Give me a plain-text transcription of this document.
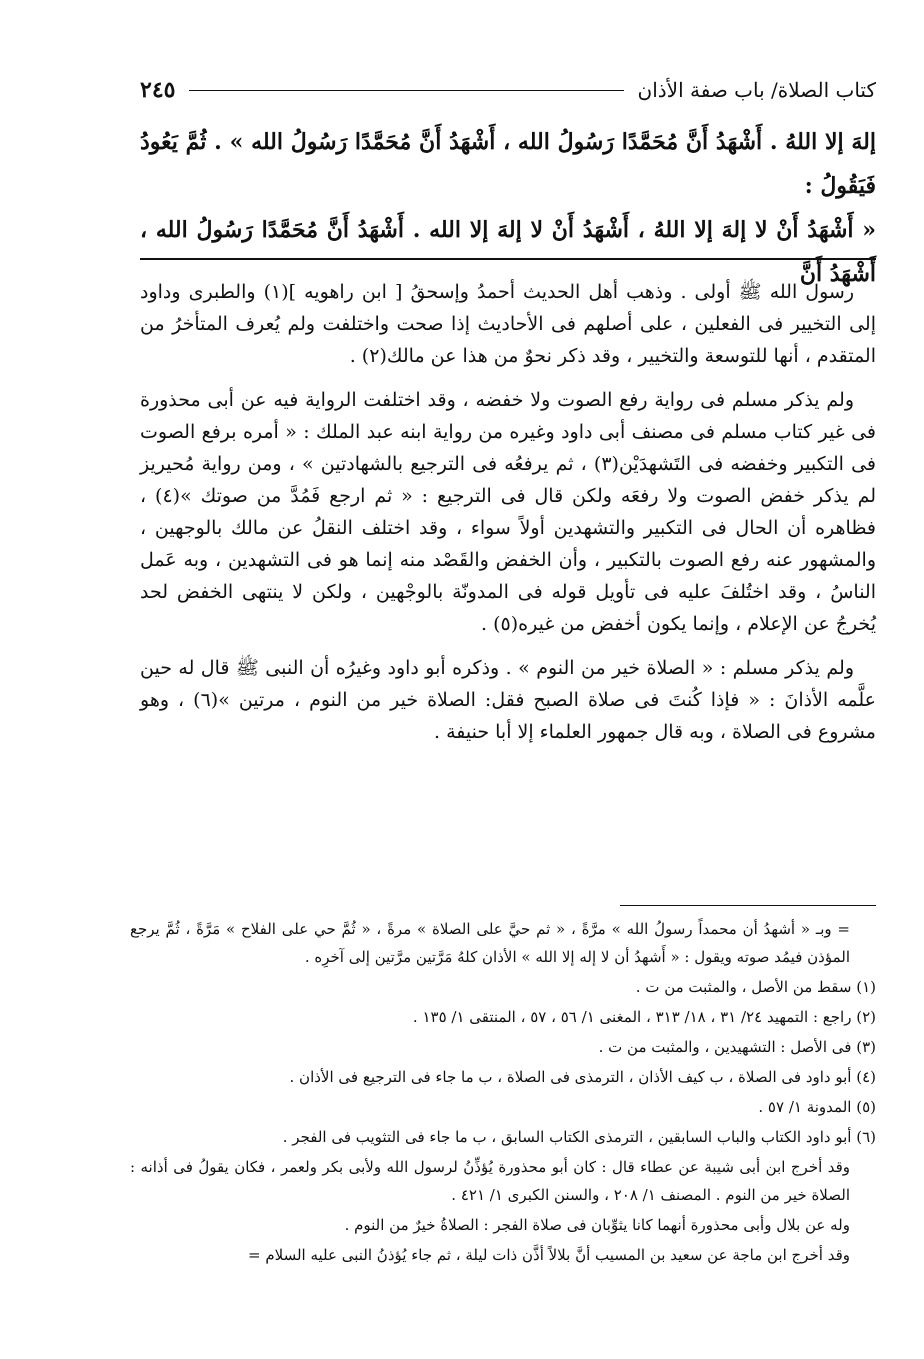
كتاب الصلاة/ باب صفة الأذان
٢٤٥

إلهَ إلا اللهُ . أَشْهَدُ أَنَّ مُحَمَّدًا رَسُولُ الله ، أَشْهَدُ أَنَّ مُحَمَّدًا رَسُولُ الله » . ثُمَّ يَعُودُ فَيَقُولُ :

« أَشْهَدُ أَنْ لا إلهَ إلا اللهُ ، أَشْهَدُ أَنْ لا إلهَ إلا الله . أَشْهَدُ أَنَّ مُحَمَّدًا رَسُولُ الله ، أَشْهَدُ أَنَّ

رسول الله ﷺ أولى . وذهب أهل الحديث أحمدُ وإسحقُ [ ابن راهويه ](١) والطبرى وداود إلى التخيير فى الفعلين ، على أصلهم فى الأحاديث إذا صحت واختلفت ولم يُعرف المتأخرُ من المتقدم ، أنها للتوسعة والتخيير ، وقد ذكر نحوٌ من هذا عن مالك(٢) .

ولم يذكر مسلم فى رواية رفع الصوت ولا خفضه ، وقد اختلفت الرواية فيه عن أبى محذورة فى غير كتاب مسلم فى مصنف أبى داود وغيره من رواية ابنه عبد الملك : « أمره برفع الصوت فى التكبير وخفضه فى التَشهدَيْن(٣) ، ثم يرفعُه فى الترجيع بالشهادتين » ، ومن رواية مُحيريز لم يذكر خفض الصوت ولا رفعَه ولكن قال فى الترجيع : « ثم ارجع فَمُدَّ من صوتك »(٤) ، فظاهره أن الحال فى التكبير والتشهدين أولاً سواء ، وقد اختلف النقلُ عن مالك بالوجهين ، والمشهور عنه رفع الصوت بالتكبير ، وأن الخفض والقَصْد منه إنما هو فى التشهدين ، وبه عَمل الناسُ ، وقد اختُلفَ عليه فى تأويل قوله فى المدونّة بالوجْهين ، ولكن لا ينتهى الخفض لحد يُخرجُ عن الإعلام ، وإنما يكون أخفض من غيره(٥) .

ولم يذكر مسلم : « الصلاة خير من النوم » . وذكره أبو داود وغيرُه أن النبى ﷺ قال له حين علَّمه الأذانَ : « فإذا كُنتَ فى صلاة الصبح فقل: الصلاة خير من النوم ، مرتين »(٦) ، وهو مشروع فى الصلاة ، وبه قال جمهور العلماء إلا أبا حنيفة .

= وبـ « أشهدُ أن محمداً رسولُ الله » مرَّةً ، « ثم حيَّ على الصلاة » مرةً ، « ثُمَّ حي على الفلاح » مَرَّةً ، ثُمَّ يرجع المؤذن فيمُد صوته ويقول : « أَشهدُ أن لا إله إلا الله » الأذان كلهُ مَرَّتين مرَّتين إلى آخرِه .

(١) سقط من الأصل ، والمثبت من ت .

(٢) راجع : التمهيد ٢٤/ ٣١ ، ١٨/ ٣١٣ ، المغنى ١/ ٥٦ ، ٥٧ ، المنتقى ١/ ١٣٥ .

(٣) فى الأصل : التشهيدين ، والمثبت من ت .

(٤) أبو داود فى الصلاة ، ب كيف الأذان ، الترمذى فى الصلاة ، ب ما جاء فى الترجيع فى الأذان .

(٥) المدونة ١/ ٥٧ .

(٦) أبو داود الكتاب والباب السابقين ، الترمذى الكتاب السابق ، ب ما جاء فى التثويب فى الفجر .

وقد أخرج ابن أبى شيبة عن عطاء قال : كان أبو محذورة يُؤذِّنُ لرسول الله ولأبى بكر ولعمر ، فكان يقولُ فى أذانه : الصلاة خير من النوم . المصنف ١/ ٢٠٨ ، والسنن الكبرى ١/ ٤٢١ .

وله عن بلال وأبى محذورة أنهما كانا يثوِّبان فى صلاة الفجر : الصلاةُ خيرٌ من النوم .

وقد أخرج ابن ماجة عن سعيد بن المسيب أنَّ بلالاً أذَّن ذات ليلة ، ثم جاء يُؤذنُ النبى عليه السلام =
